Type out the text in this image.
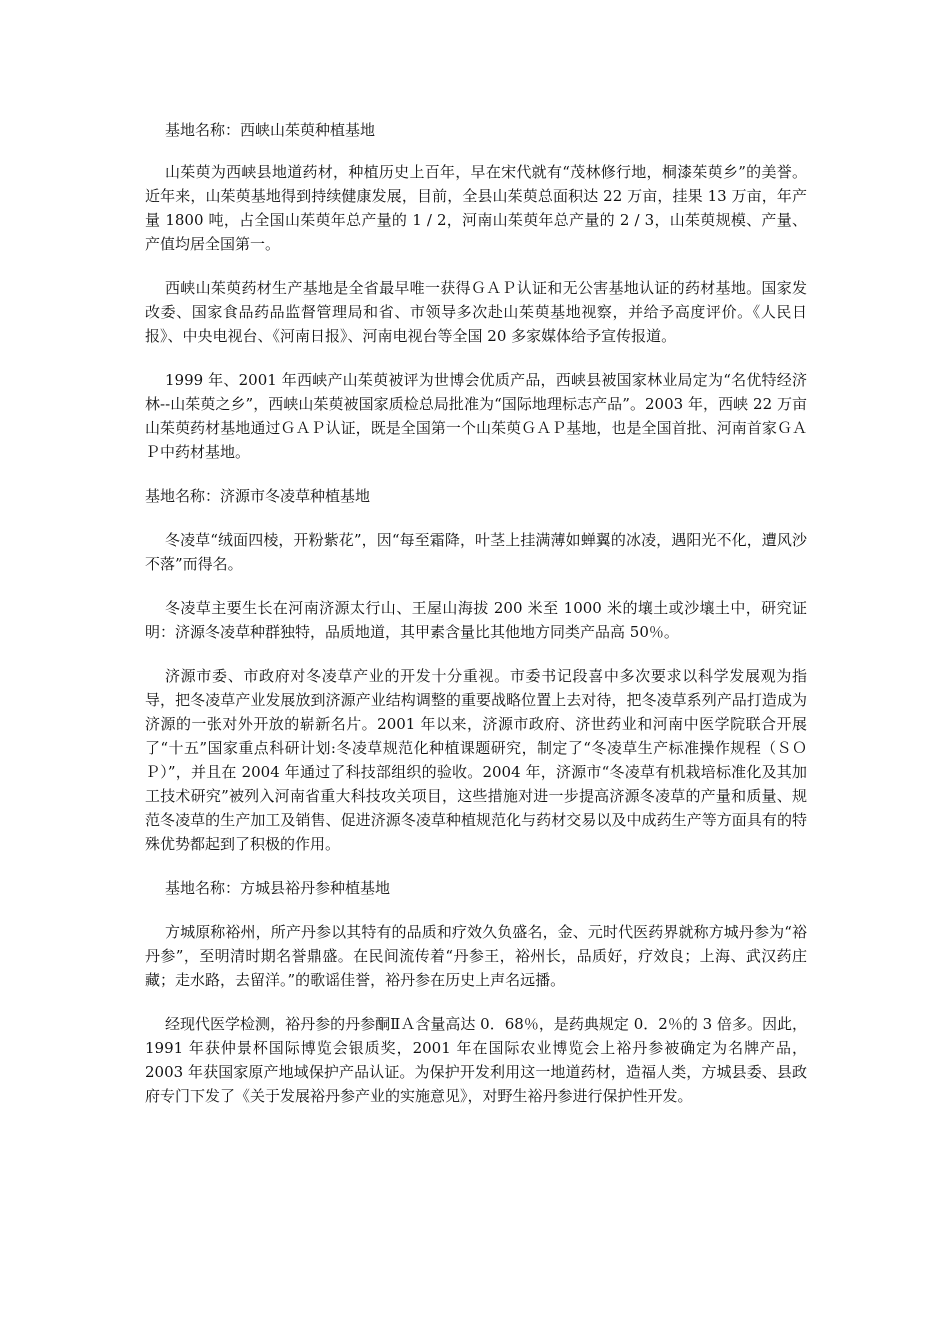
基地名称：西峡山茱萸种植基地

山茱萸为西峡县地道药材，种植历史上百年，早在宋代就有“茂林修行地，桐漆茱萸乡”的美誉。近年来，山茱萸基地得到持续健康发展，目前，全县山茱萸总面积达 22 万亩，挂果 13 万亩，年产量 1800 吨，占全国山茱萸年总产量的 1 / 2，河南山茱萸年总产量的 2 / 3，山茱萸规模、产量、产值均居全国第一。

西峡山茱萸药材生产基地是全省最早唯一获得ＧＡＰ认证和无公害基地认证的药材基地。国家发改委、国家食品药品监督管理局和省、市领导多次赴山茱萸基地视察，并给予高度评价。《人民日报》、中央电视台、《河南日报》、河南电视台等全国 20 多家媒体给予宣传报道。

1999 年、2001 年西峡产山茱萸被评为世博会优质产品，西峡县被国家林业局定为“名优特经济林--山茱萸之乡”，西峡山茱萸被国家质检总局批准为“国际地理标志产品”。2003 年，西峡 22 万亩山茱萸药材基地通过ＧＡＰ认证，既是全国第一个山茱萸ＧＡＰ基地，也是全国首批、河南首家ＧＡＰ中药材基地。

基地名称：济源市冬凌草种植基地

冬凌草“绒面四棱，开粉紫花”，因“每至霜降，叶茎上挂满薄如蝉翼的冰凌，遇阳光不化，遭风沙不落”而得名。

冬凌草主要生长在河南济源太行山、王屋山海拔 200 米至 1000 米的壤土或沙壤土中，研究证明：济源冬凌草种群独特，品质地道，其甲素含量比其他地方同类产品高 50％。

济源市委、市政府对冬凌草产业的开发十分重视。市委书记段喜中多次要求以科学发展观为指导，把冬凌草产业发展放到济源产业结构调整的重要战略位置上去对待，把冬凌草系列产品打造成为济源的一张对外开放的崭新名片。2001 年以来，济源市政府、济世药业和河南中医学院联合开展了“十五”国家重点科研计划:冬凌草规范化种植课题研究，制定了“冬凌草生产标准操作规程（ＳＯＰ）”，并且在 2004 年通过了科技部组织的验收。2004 年，济源市“冬凌草有机栽培标准化及其加工技术研究”被列入河南省重大科技攻关项目，这些措施对进一步提高济源冬凌草的产量和质量、规范冬凌草的生产加工及销售、促进济源冬凌草种植规范化与药材交易以及中成药生产等方面具有的特殊优势都起到了积极的作用。

基地名称：方城县裕丹参种植基地

方城原称裕州，所产丹参以其特有的品质和疗效久负盛名，金、元时代医药界就称方城丹参为“裕丹参”，至明清时期名誉鼎盛。在民间流传着“丹参王，裕州长，品质好，疗效良；上海、武汉药庄藏；走水路，去留洋。”的歌谣佳誉，裕丹参在历史上声名远播。

经现代医学检测，裕丹参的丹参酮ⅡＡ含量高达 0．68％，是药典规定 0．2％的 3 倍多。因此，1991 年获仲景杯国际博览会银质奖，2001 年在国际农业博览会上裕丹参被确定为名牌产品，2003 年获国家原产地域保护产品认证。为保护开发利用这一地道药材，造福人类，方城县委、县政府专门下发了《关于发展裕丹参产业的实施意见》，对野生裕丹参进行保护性开发。
